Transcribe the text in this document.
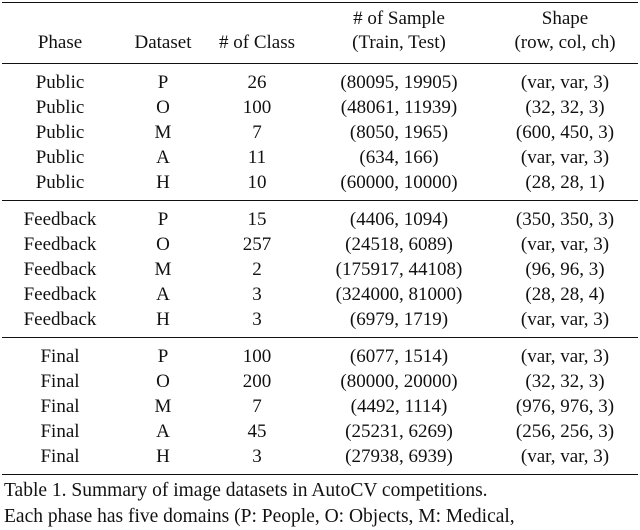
			# of Sample	Shape
Phase	Dataset	# of Class	(Train, Test)	(row, col, ch)
Public	P	26	(80095, 19905)	(var, var, 3)
Public	O	100	(48061, 11939)	(32, 32, 3)
Public	M	7	(8050, 1965)	(600, 450, 3)
Public	A	11	(634, 166)	(var, var, 3)
Public	H	10	(60000, 10000)	(28, 28, 1)
Feedback	P	15	(4406, 1094)	(350, 350, 3)
Feedback	O	257	(24518, 6089)	(var, var, 3)
Feedback	M	2	(175917, 44108)	(96, 96, 3)
Feedback	A	3	(324000, 81000)	(28, 28, 4)
Feedback	H	3	(6979, 1719)	(var, var, 3)
Final	P	100	(6077, 1514)	(var, var, 3)
Final	O	200	(80000, 20000)	(32, 32, 3)
Final	M	7	(4492, 1114)	(976, 976, 3)
Final	A	45	(25231, 6269)	(256, 256, 3)
Final	H	3	(27938, 6939)	(var, var, 3)

Table 1. Summary of image datasets in AutoCV competitions.
Each phase has five domains (P: People, O: Objects, M: Medical,
